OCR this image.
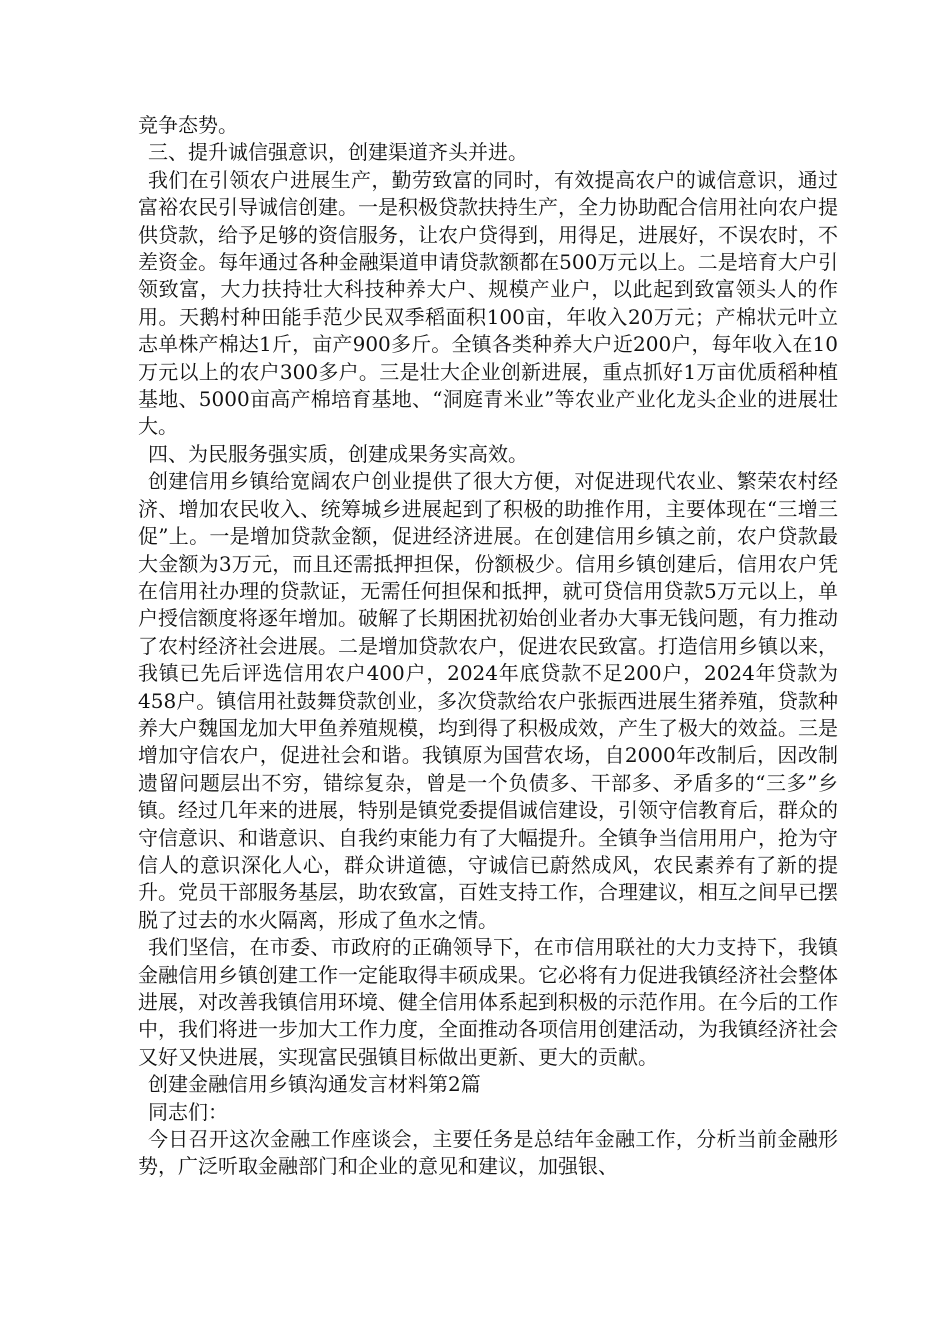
竞争态势。

三、提升诚信强意识，创建渠道齐头并进。

我们在引领农户进展生产，勤劳致富的同时，有效提高农户的诚信意识，通过富裕农民引导诚信创建。一是积极贷款扶持生产，全力协助配合信用社向农户提供贷款，给予足够的资信服务，让农户贷得到，用得足，进展好，不误农时，不差资金。每年通过各种金融渠道申请贷款额都在500万元以上。二是培育大户引领致富，大力扶持壮大科技种养大户、规模产业户，以此起到致富领头人的作用。天鹅村种田能手范少民双季稻面积100亩，年收入20万元；产棉状元叶立志单株产棉达1斤，亩产900多斤。全镇各类种养大户近200户，每年收入在10万元以上的农户300多户。三是壮大企业创新进展，重点抓好1万亩优质稻种植基地、5000亩高产棉培育基地、“洞庭青米业”等农业产业化龙头企业的进展壮大。

四、为民服务强实质，创建成果务实高效。

创建信用乡镇给宽阔农户创业提供了很大方便，对促进现代农业、繁荣农村经济、增加农民收入、统筹城乡进展起到了积极的助推作用，主要体现在“三增三促”上。一是增加贷款金额，促进经济进展。在创建信用乡镇之前，农户贷款最大金额为3万元，而且还需抵押担保，份额极少。信用乡镇创建后，信用农户凭在信用社办理的贷款证，无需任何担保和抵押，就可贷信用贷款5万元以上，单户授信额度将逐年增加。破解了长期困扰初始创业者办大事无钱问题，有力推动了农村经济社会进展。二是增加贷款农户，促进农民致富。打造信用乡镇以来，我镇已先后评选信用农户400户，2024年底贷款不足200户，2024年贷款为458户。镇信用社鼓舞贷款创业，多次贷款给农户张振西进展生猪养殖，贷款种养大户魏国龙加大甲鱼养殖规模，均到得了积极成效，产生了极大的效益。三是增加守信农户，促进社会和谐。我镇原为国营农场，自2000年改制后，因改制遗留问题层出不穷，错综复杂，曾是一个负债多、干部多、矛盾多的“三多”乡镇。经过几年来的进展，特别是镇党委提倡诚信建设，引领守信教育后，群众的守信意识、和谐意识、自我约束能力有了大幅提升。全镇争当信用用户，抢为守信人的意识深化人心，群众讲道德，守诚信已蔚然成风，农民素养有了新的提升。党员干部服务基层，助农致富，百姓支持工作，合理建议，相互之间早已摆脱了过去的水火隔离，形成了鱼水之情。

我们坚信，在市委、市政府的正确领导下，在市信用联社的大力支持下，我镇金融信用乡镇创建工作一定能取得丰硕成果。它必将有力促进我镇经济社会整体进展，对改善我镇信用环境、健全信用体系起到积极的示范作用。在今后的工作中，我们将进一步加大工作力度，全面推动各项信用创建活动，为我镇经济社会又好又快进展，实现富民强镇目标做出更新、更大的贡献。

创建金融信用乡镇沟通发言材料第2篇

同志们：

今日召开这次金融工作座谈会，主要任务是总结年金融工作，分析当前金融形势，广泛听取金融部门和企业的意见和建议，加强银、
